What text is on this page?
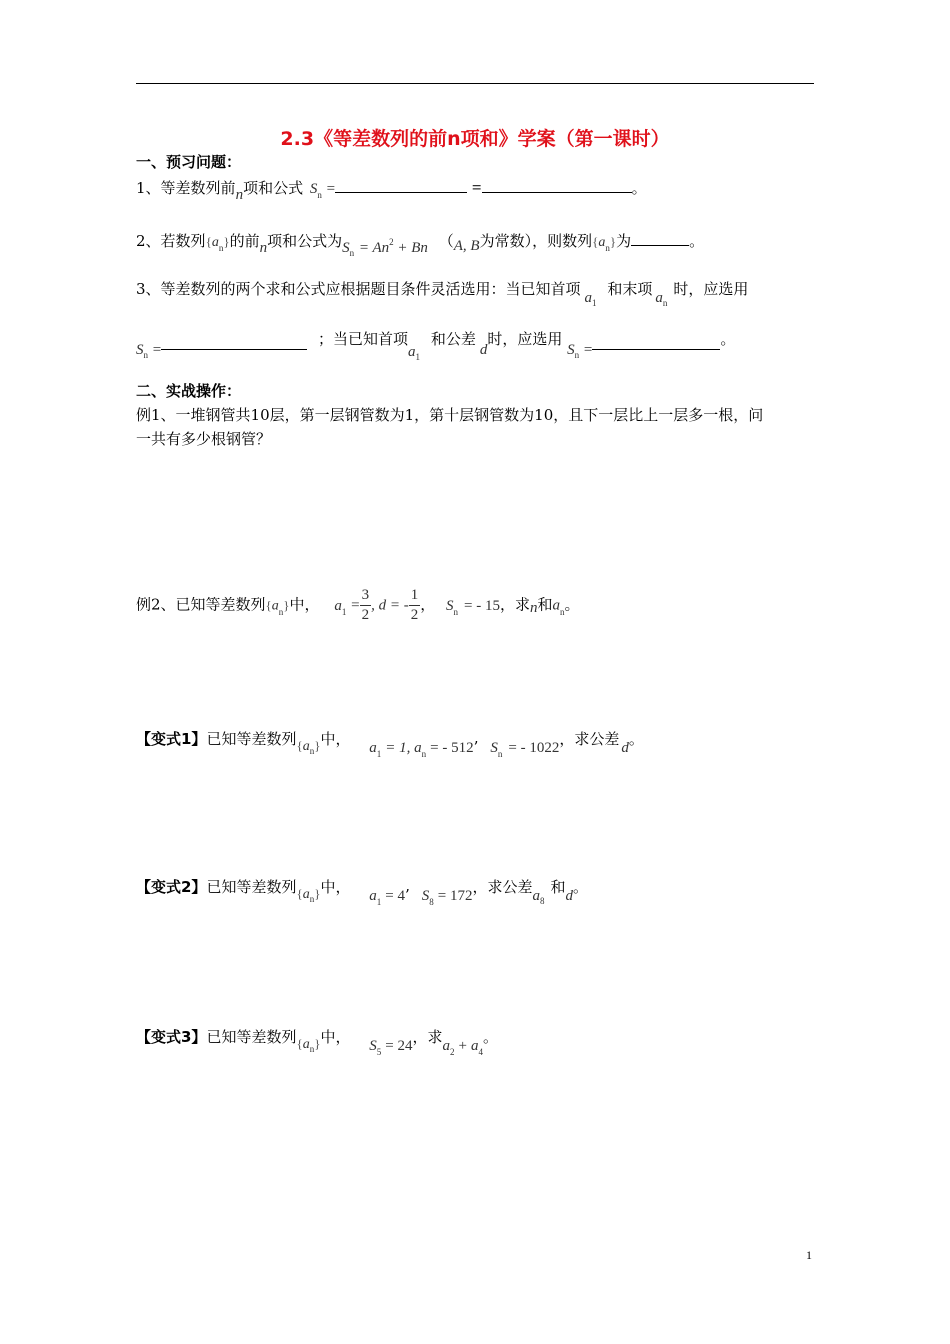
2.3《等差数列的前n项和》学案（第一课时）
一、预习问题：
1、等差数列前n项和公式 $S_n$ =	=	。
2、若数列$\{a_n\}$的前n项和公式为$S_n = An2 + Bn$ （A, B为常数），则数列$\{a_n\}$为	。
3、等差数列的两个求和公式应根据题目条件灵活选用：当已知首项 $a_1$ 和末项 $a_n$时，应选用
$S_n$ = ；当已知首项$a_1$ 和公差d时，应选用 $S_n$ =。
二、实战操作：
例1、一堆钢管共10层，第一层钢管数为1，第十层钢管数为10，且下一层比上一层多一根，问
一共有多少根钢管？
例2、已知等差数列$\{a_n\}$中， $a_1 = \frac{3}{2}$ , d = - $\frac{1}{2}$ ， $S_n$ = - 15，求n和$a_n$。
【变式1】已知等差数列$\{a_n\}$中， $a_1 = 1$, $a_n$ = - 512’ $S_n$ = - 1022，求公差 d。
【变式2】已知等差数列$\{a_n\}$中， $a_1 = 4$’ $S_8 = 172$，求公差$a_8$和d。
【变式3】已知等差数列$\{a_n\}$中， $S_5 = 24$，求$a_2 + a_4$。
1
